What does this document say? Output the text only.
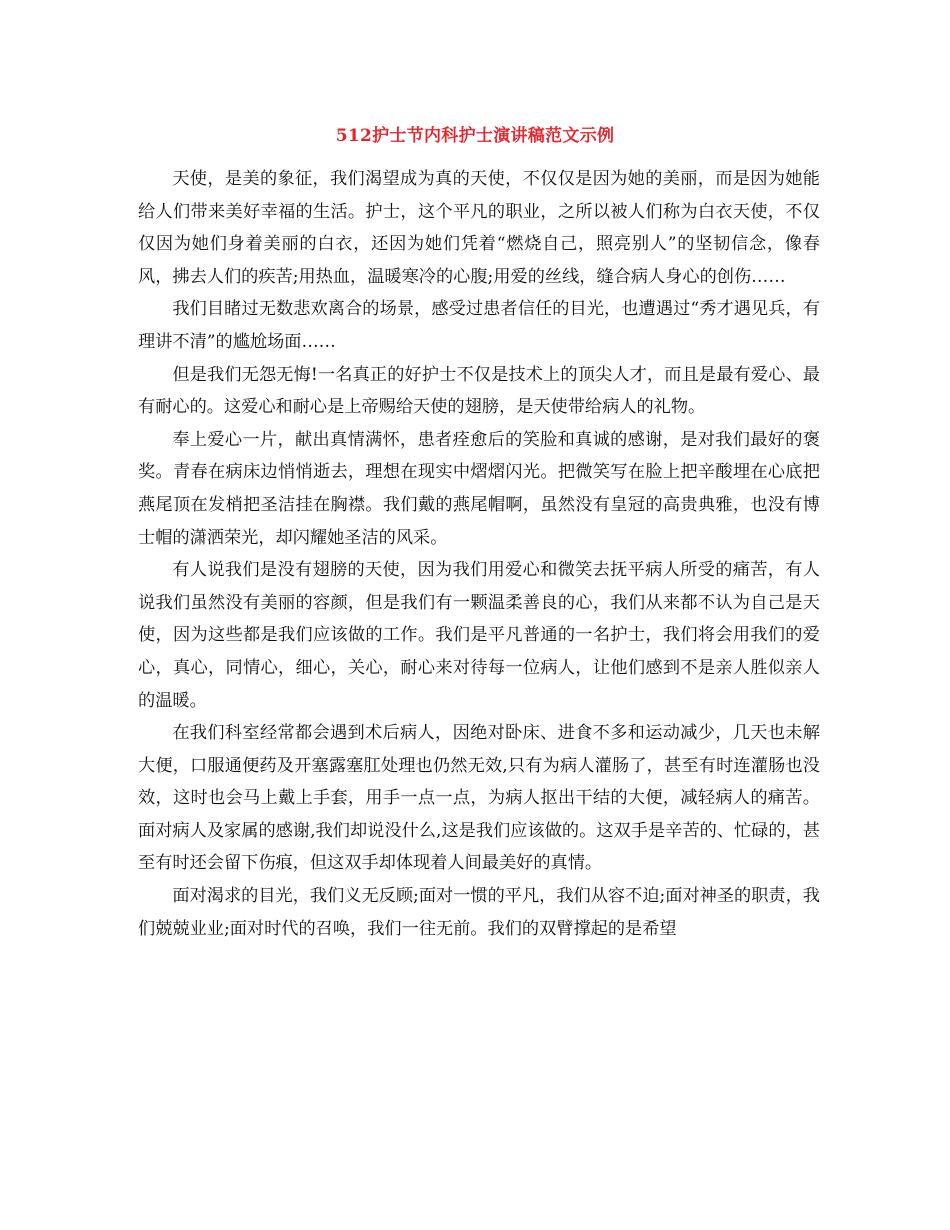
512护士节内科护士演讲稿范文示例

天使，是美的象征，我们渴望成为真的天使，不仅仅是因为她的美丽，而是因为她能给人们带来美好幸福的生活。护士，这个平凡的职业，之所以被人们称为白衣天使，不仅仅因为她们身着美丽的白衣，还因为她们凭着“燃烧自己，照亮别人”的坚韧信念，像春风，拂去人们的疾苦;用热血，温暖寒冷的心腹;用爱的丝线，缝合病人身心的创伤……

我们目睹过无数悲欢离合的场景，感受过患者信任的目光，也遭遇过“秀才遇见兵，有理讲不清”的尴尬场面……

但是我们无怨无悔!一名真正的好护士不仅是技术上的顶尖人才，而且是最有爱心、最有耐心的。这爱心和耐心是上帝赐给天使的翅膀，是天使带给病人的礼物。

奉上爱心一片，献出真情满怀，患者痊愈后的笑脸和真诚的感谢，是对我们最好的褒奖。青春在病床边悄悄逝去，理想在现实中熠熠闪光。把微笑写在脸上把辛酸埋在心底把燕尾顶在发梢把圣洁挂在胸襟。我们戴的燕尾帽啊，虽然没有皇冠的高贵典雅，也没有博士帽的潇洒荣光，却闪耀她圣洁的风采。

有人说我们是没有翅膀的天使，因为我们用爱心和微笑去抚平病人所受的痛苦，有人说我们虽然没有美丽的容颜，但是我们有一颗温柔善良的心，我们从来都不认为自己是天使，因为这些都是我们应该做的工作。我们是平凡普通的一名护士，我们将会用我们的爱心，真心，同情心，细心，关心，耐心来对待每一位病人，让他们感到不是亲人胜似亲人的温暖。

在我们科室经常都会遇到术后病人，因绝对卧床、进食不多和运动减少，几天也未解大便，口服通便药及开塞露塞肛处理也仍然无效,只有为病人灌肠了，甚至有时连灌肠也没效，这时也会马上戴上手套，用手一点一点，为病人抠出干结的大便，减轻病人的痛苦。面对病人及家属的感谢,我们却说没什么,这是我们应该做的。这双手是辛苦的、忙碌的，甚至有时还会留下伤痕，但这双手却体现着人间最美好的真情。

面对渴求的目光，我们义无反顾;面对一惯的平凡，我们从容不迫;面对神圣的职责，我们兢兢业业;面对时代的召唤，我们一往无前。我们的双臂撑起的是希望
